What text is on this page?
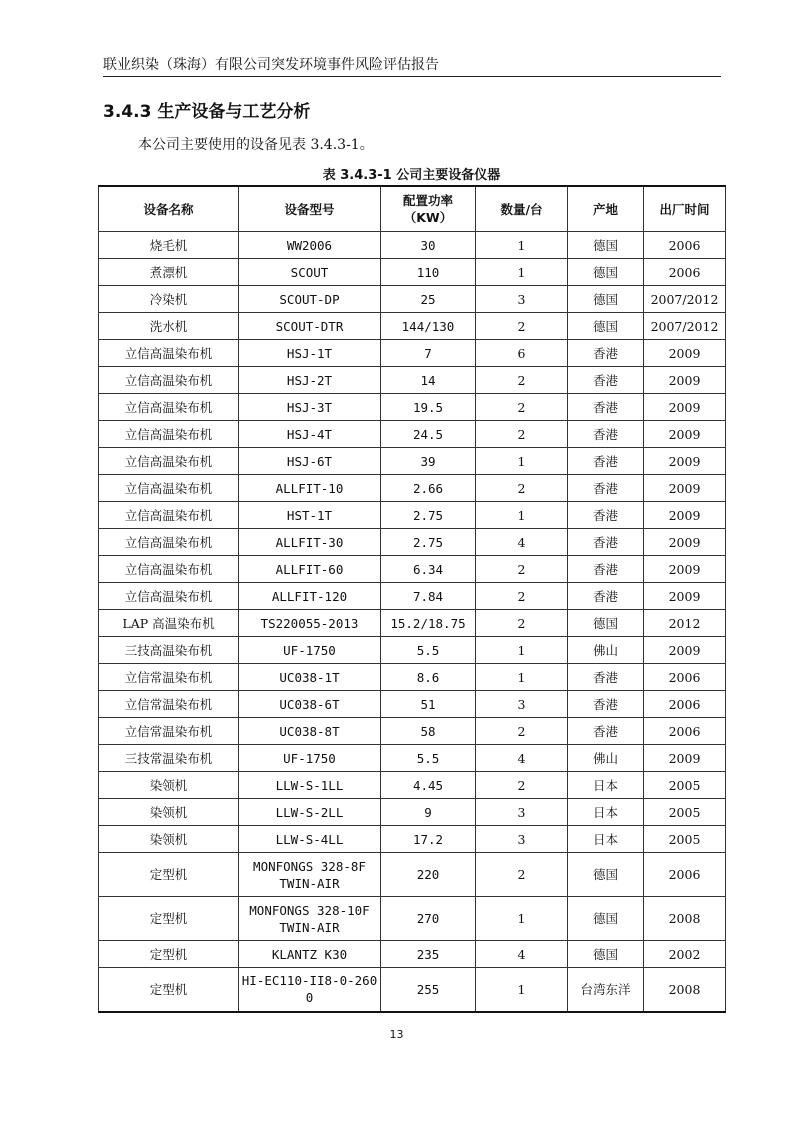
联业织染（珠海）有限公司突发环境事件风险评估报告
3.4.3 生产设备与工艺分析
本公司主要使用的设备见表 3.4.3-1。
表 3.4.3-1 公司主要设备仪器
设备名称	设备型号	配置功率
（KW）	数量/台	产地	出厂时间
烧毛机	WW2006	30	1	德国	2006
煮漂机	SCOUT	110	1	德国	2006
冷染机	SCOUT-DP	25	3	德国	2007/2012
洗水机	SCOUT-DTR	144/130	2	德国	2007/2012
立信高温染布机	HSJ-1T	7	6	香港	2009
立信高温染布机	HSJ-2T	14	2	香港	2009
立信高温染布机	HSJ-3T	19.5	2	香港	2009
立信高温染布机	HSJ-4T	24.5	2	香港	2009
立信高温染布机	HSJ-6T	39	1	香港	2009
立信高温染布机	ALLFIT-10	2.66	2	香港	2009
立信高温染布机	HST-1T	2.75	1	香港	2009
立信高温染布机	ALLFIT-30	2.75	4	香港	2009
立信高温染布机	ALLFIT-60	6.34	2	香港	2009
立信高温染布机	ALLFIT-120	7.84	2	香港	2009
LAP 高温染布机	TS220055-2013	15.2/18.75	2	德国	2012
三技高温染布机	UF-1750	5.5	1	佛山	2009
立信常温染布机	UC038-1T	8.6	1	香港	2006
立信常温染布机	UC038-6T	51	3	香港	2006
立信常温染布机	UC038-8T	58	2	香港	2006
三技常温染布机	UF-1750	5.5	4	佛山	2009
染领机	LLW-S-1LL	4.45	2	日本	2005
染领机	LLW-S-2LL	9	3	日本	2005
染领机	LLW-S-4LL	17.2	3	日本	2005
定型机	MONFONGS 328-8F
TWIN-AIR	220	2	德国	2006
定型机	MONFONGS 328-10F
TWIN-AIR	270	1	德国	2008
定型机	KLANTZ K30	235	4	德国	2002
定型机	HI-EC110-II8-0-260
0	255	1	台湾东洋	2008
13
